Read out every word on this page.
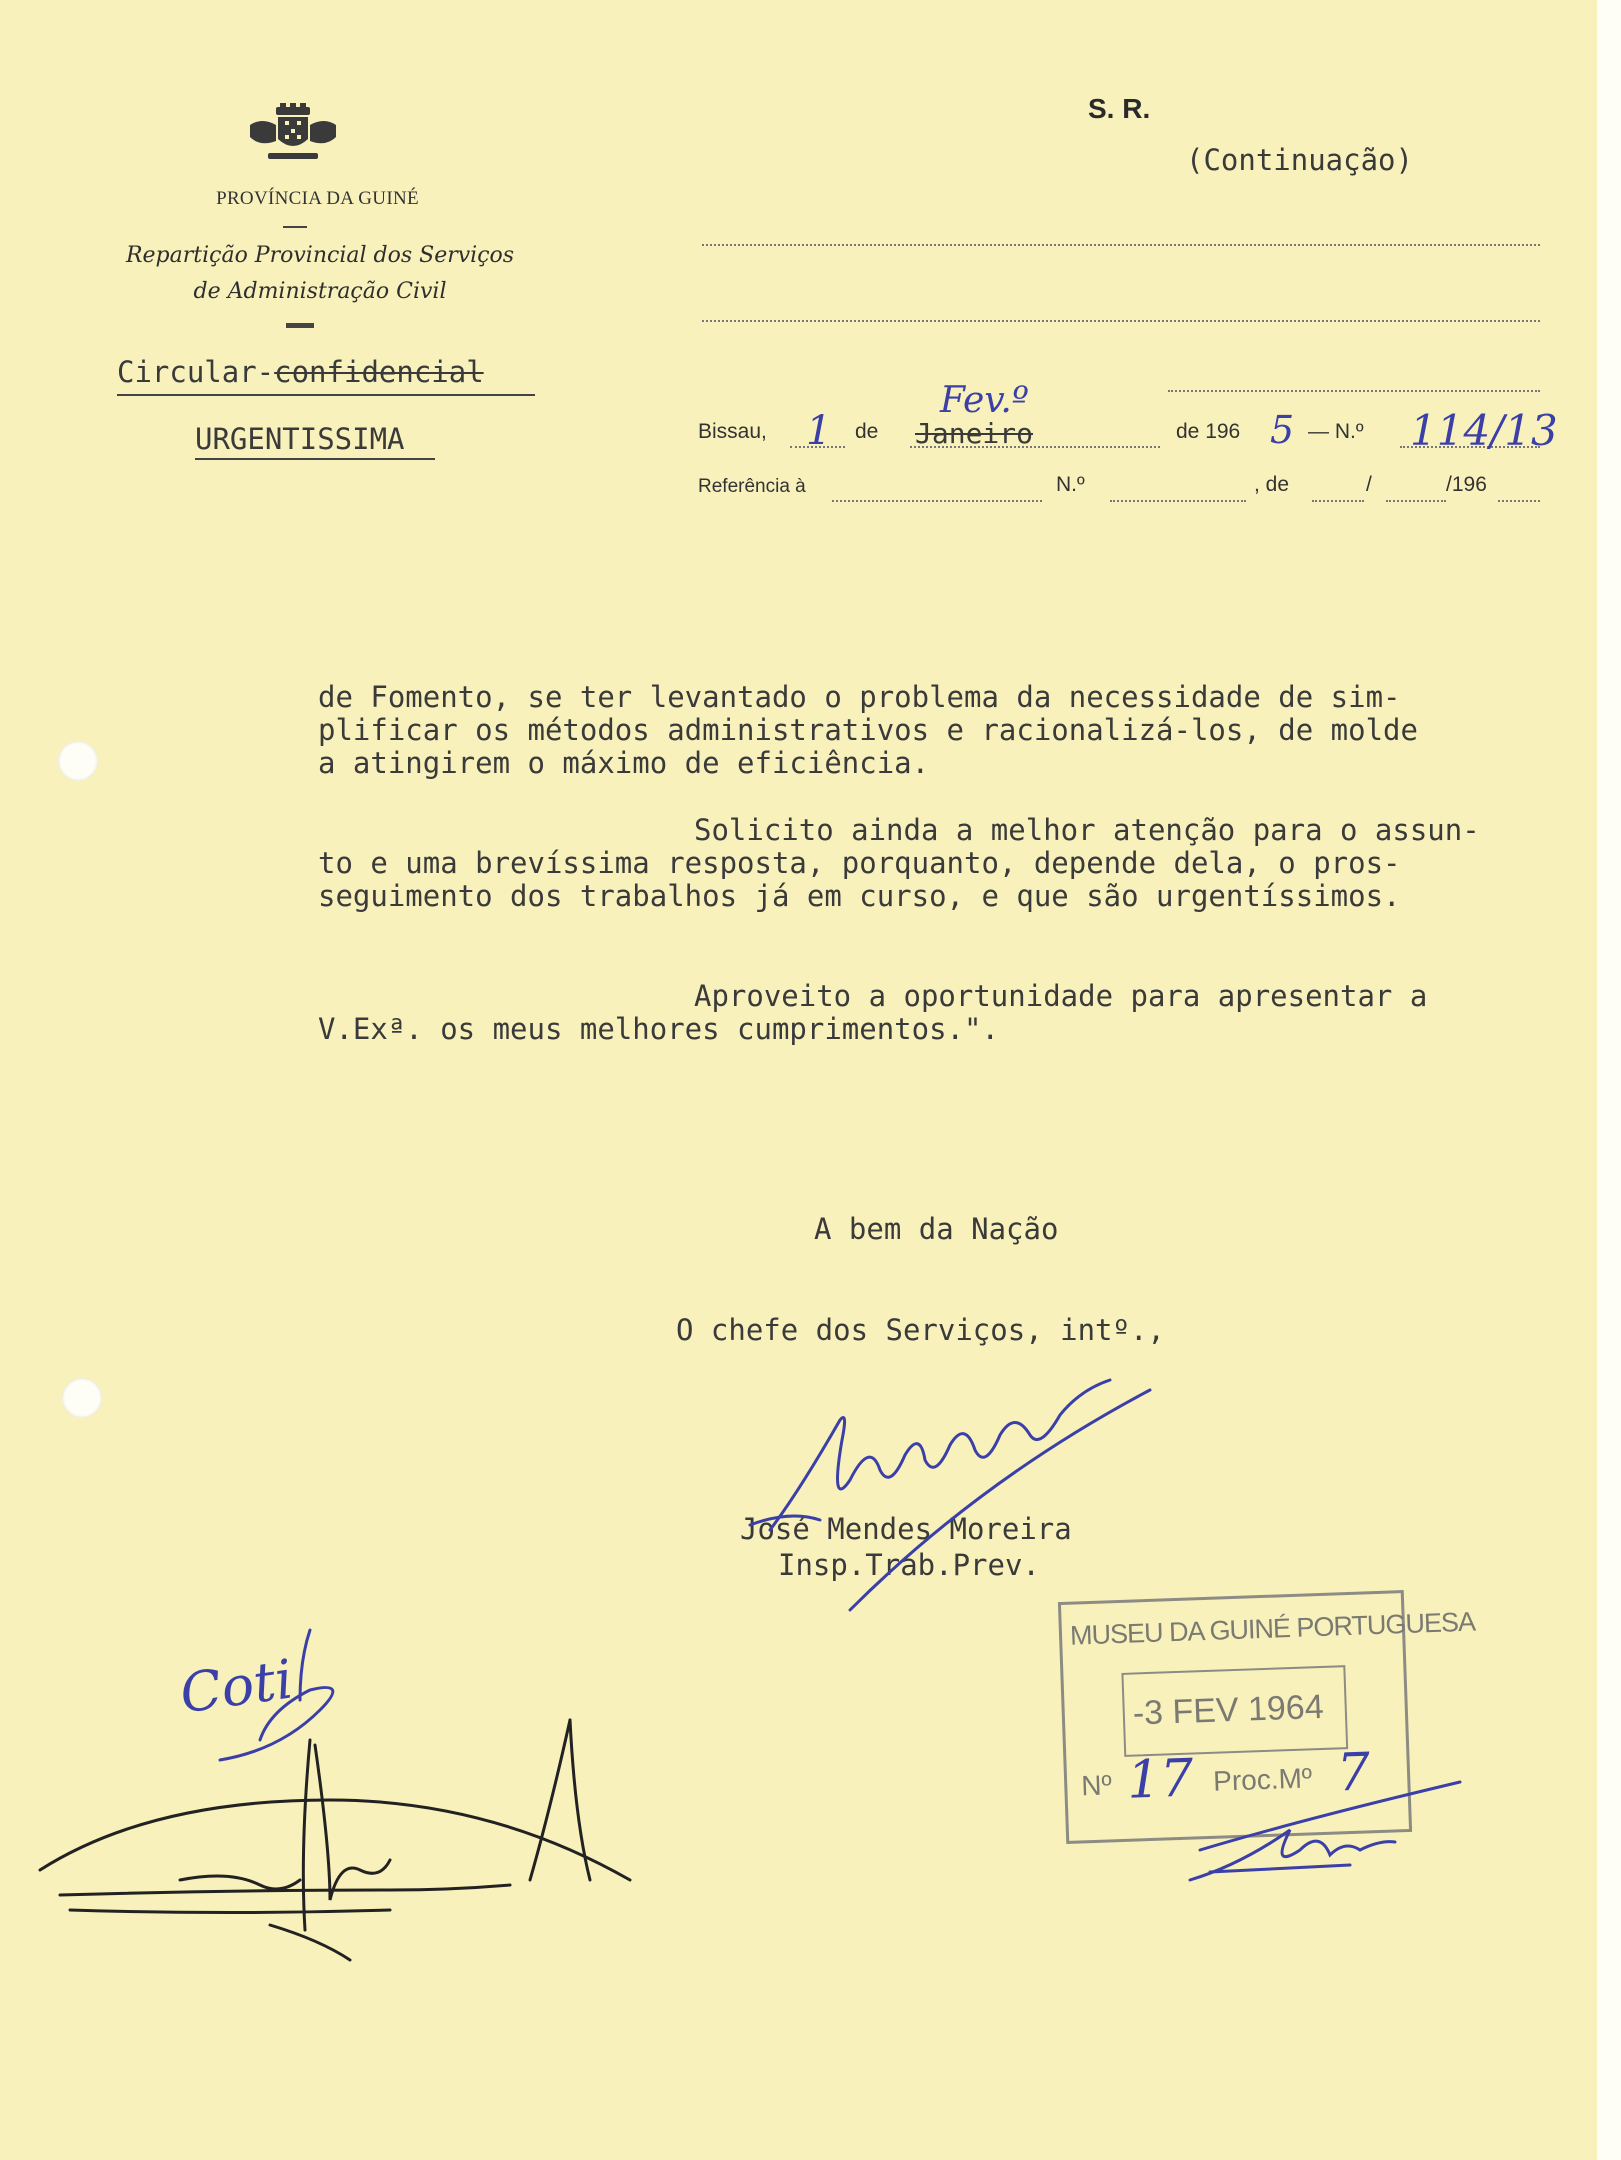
PROVÍNCIA DA GUINÉ
Repartição Provincial dos Serviços
de Administração Civil
Circular-confidencial
URGENTISSIMA
S. R.
(Continuação)
Bissau, 1 de Janeiro
Fev.º
de 196 5 — N.º 114/13
Referência à	N.º	, de	/	/196
de Fomento, se ter levantado o problema da necessidade de sim-
plificar os métodos administrativos e racionalizá-los, de molde
a atingirem o máximo de eficiência.
Solicito ainda a melhor atenção para o assun-
to e uma brevíssima resposta, porquanto, depende dela, o pros-
seguimento dos trabalhos já em curso, e que são urgentíssimos.
Aproveito a oportunidade para apresentar a
V.Exª. os meus melhores cumprimentos.".
A bem da Nação
O chefe dos Serviços, intº.,
José Mendes Moreira
Insp.Trab.Prev.
Coti
MUSEU DA GUINÉ PORTUGUESA
-3 FEV 1964
Nº 17 Proc.Mº 7
